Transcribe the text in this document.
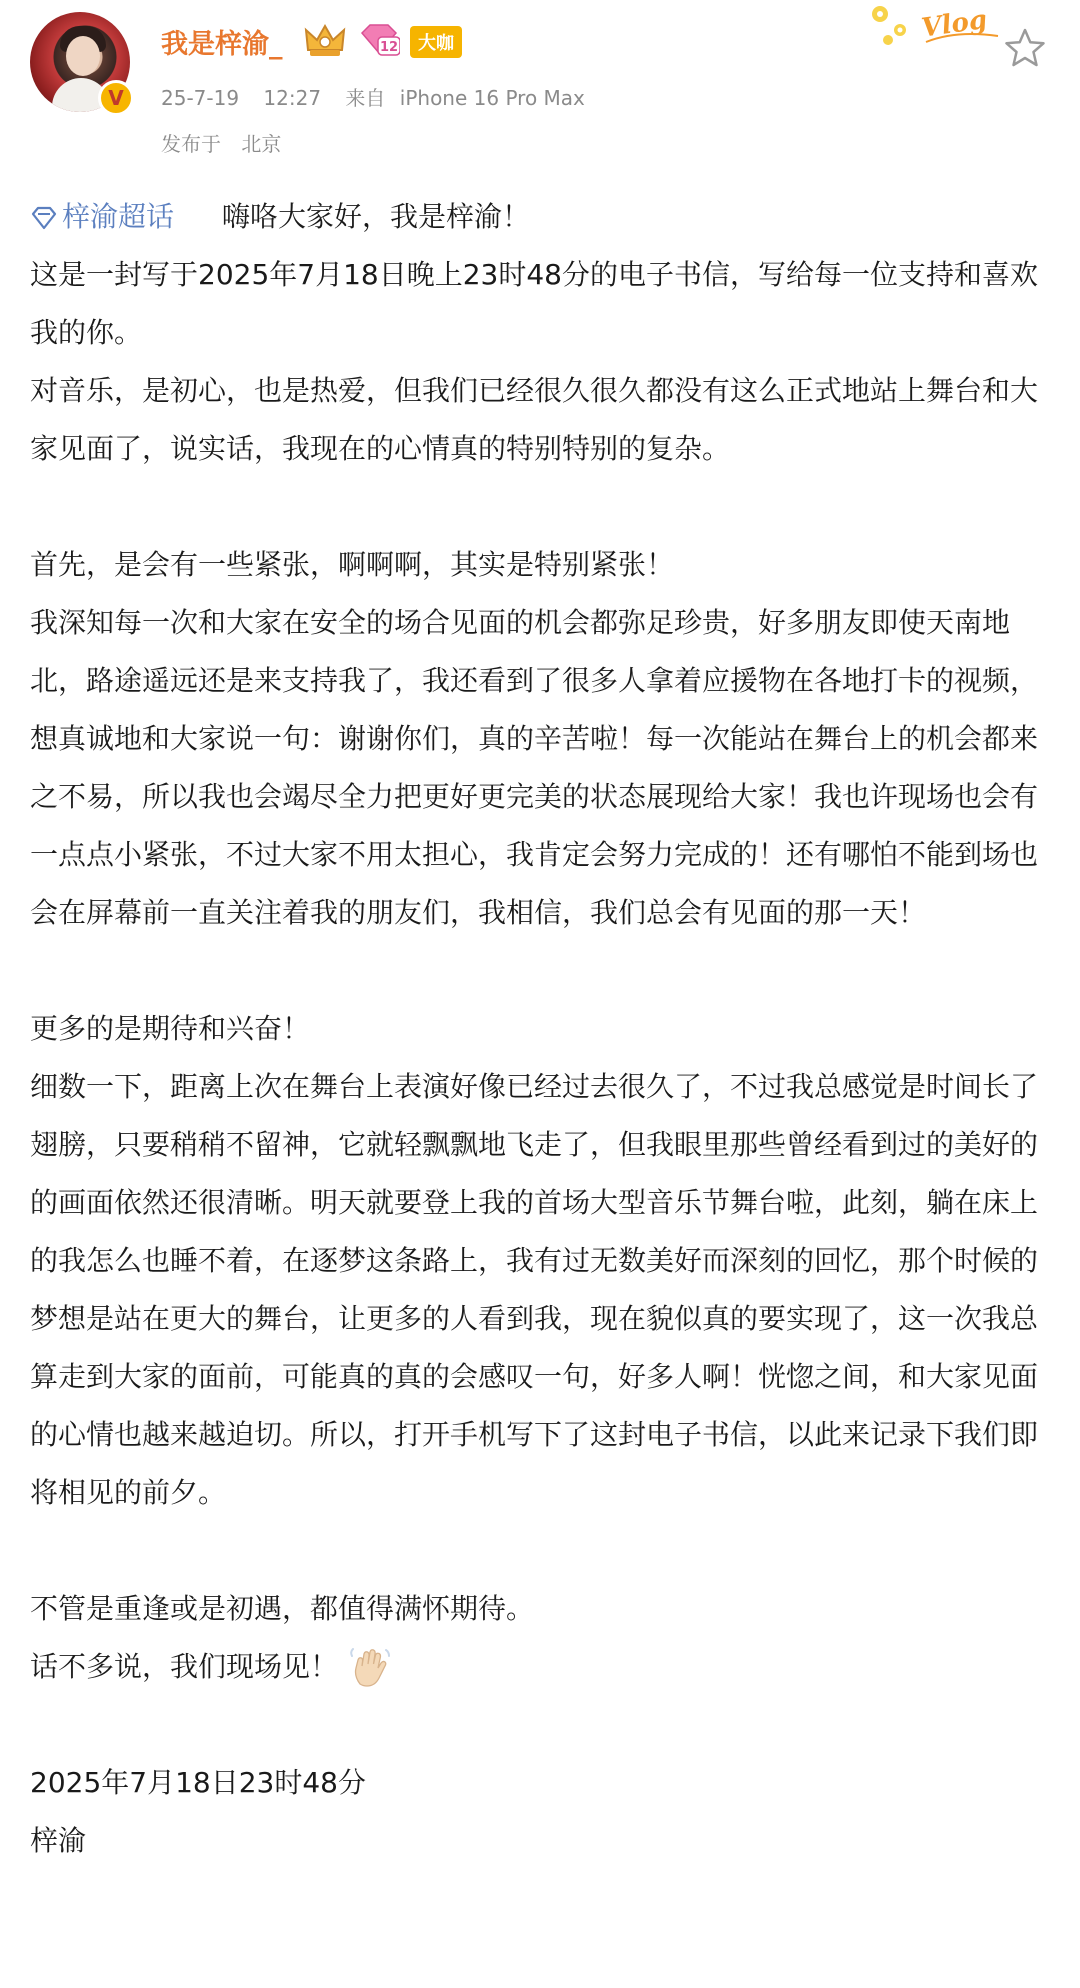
V
我是梓渝_	12	大咖
25-7-19 12:27 来自 iPhone 16 Pro Max
发布于 北京
Vlog

梓渝超话 嗨咯大家好，我是梓渝！

这是一封写于2025年7月18日晚上23时48分的电子书信，写给每一位支持和喜欢我的你。

对音乐，是初心，也是热爱，但我们已经很久很久都没有这么正式地站上舞台和大家见面了，说实话，我现在的心情真的特别特别的复杂。

首先，是会有一些紧张，啊啊啊，其实是特别紧张！

我深知每一次和大家在安全的场合见面的机会都弥足珍贵，好多朋友即使天南地北，路途遥远还是来支持我了，我还看到了很多人拿着应援物在各地打卡的视频，想真诚地和大家说一句：谢谢你们，真的辛苦啦！每一次能站在舞台上的机会都来之不易，所以我也会竭尽全力把更好更完美的状态展现给大家！我也许现场也会有一点点小紧张，不过大家不用太担心，我肯定会努力完成的！还有哪怕不能到场也会在屏幕前一直关注着我的朋友们，我相信，我们总会有见面的那一天！

更多的是期待和兴奋！

细数一下，距离上次在舞台上表演好像已经过去很久了，不过我总感觉是时间长了翅膀，只要稍稍不留神，它就轻飘飘地飞走了，但我眼里那些曾经看到过的美好的的画面依然还很清晰。明天就要登上我的首场大型音乐节舞台啦，此刻，躺在床上的我怎么也睡不着，在逐梦这条路上，我有过无数美好而深刻的回忆，那个时候的梦想是站在更大的舞台，让更多的人看到我，现在貌似真的要实现了，这一次我总算走到大家的面前，可能真的真的会感叹一句，好多人啊！恍惚之间，和大家见面的心情也越来越迫切。所以，打开手机写下了这封电子书信，以此来记录下我们即将相见的前夕。

不管是重逢或是初遇，都值得满怀期待。

话不多说，我们现场见！

2025年7月18日23时48分

梓渝
